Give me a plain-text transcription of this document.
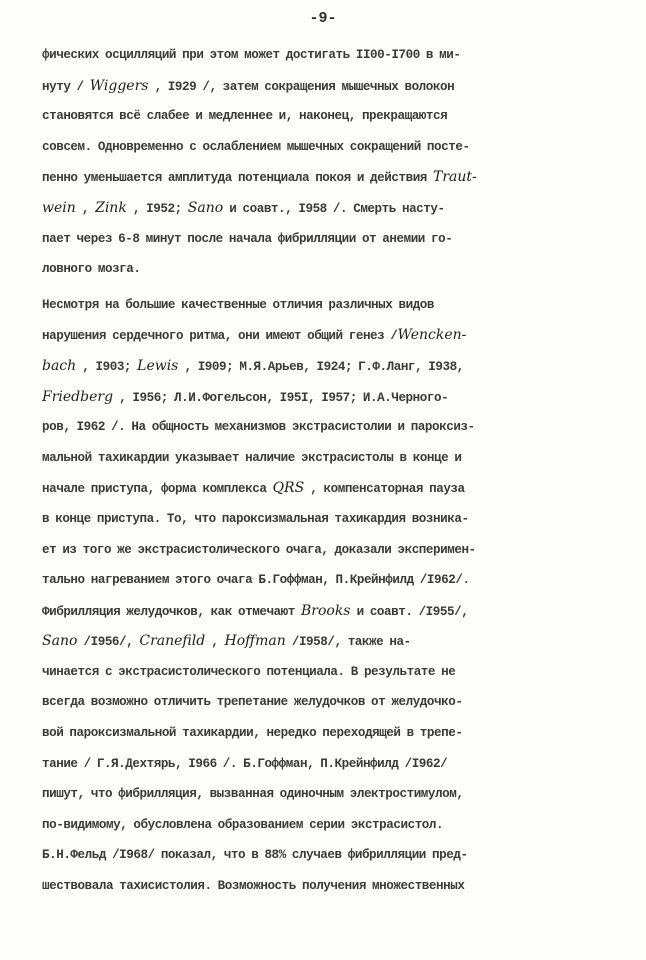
-9-
фических осцилляций при этом может достигать II00-I700 в ми-
нуту / Wiggers , I929 /, затем сокращения мышечных волокон
становятся всё слабее и медленнее и, наконец, прекращаются
совсем. Одновременно с ослаблением мышечных сокращений посте-
пенно уменьшается амплитуда потенциала покоя и действия Traut-
wein , Zink , I952; Sano и соавт., I958 /. Смерть насту-
пает через 6-8 минут после начала фибрилляции от анемии го-
ловного мозга.
Несмотря на большие качественные отличия различных видов
нарушения сердечного ритма, они имеют общий генез /Wencken-
bach , I903; Lewis , I909; М.Я.Арьев, I924; Г.Ф.Ланг, I938,
Friedberg , I956; Л.И.Фогельсон, I95I, I957; И.А.Черногo-
ров, I962 /. На общность механизмов экстрасистолии и пароксиз-
мальной тахикардии указывает наличие экстрасистолы в конце и
начале приступа, форма комплекса QRS , компенсаторная пауза
в конце приступа. То, что пароксизмальная тахикардия возника-
ет из того же экстрасистолического очага, доказали экспеpимен-
тально нагреванием этого очага Б.Гоффман, П.Крейнфилд /I962/.
Фибрилляция желудочков, как отмечают Brooks и соавт. /I955/,
Sano /I956/, Cranefild , Hoffman /I958/, также на-
чинается с экстрасистолического потенциала. В результате не
всегда возможно отличить трепетание желудочков от желудочко-
вой пароксизмальной тахикардии, нередко переходящей в трепе-
тание / Г.Я.Дехтярь, I966 /. Б.Гоффман, П.Крейнфилд /I962/
пишут, что фибрилляция, вызванная одиночным электростимулом,
по-видимому, обусловлена образованием серии экстрасистол.
Б.Н.Фельд /I968/ показал, что в 88% случаев фибрилляции пред-
шествовала тахисистолия. Возможность получения множественных
